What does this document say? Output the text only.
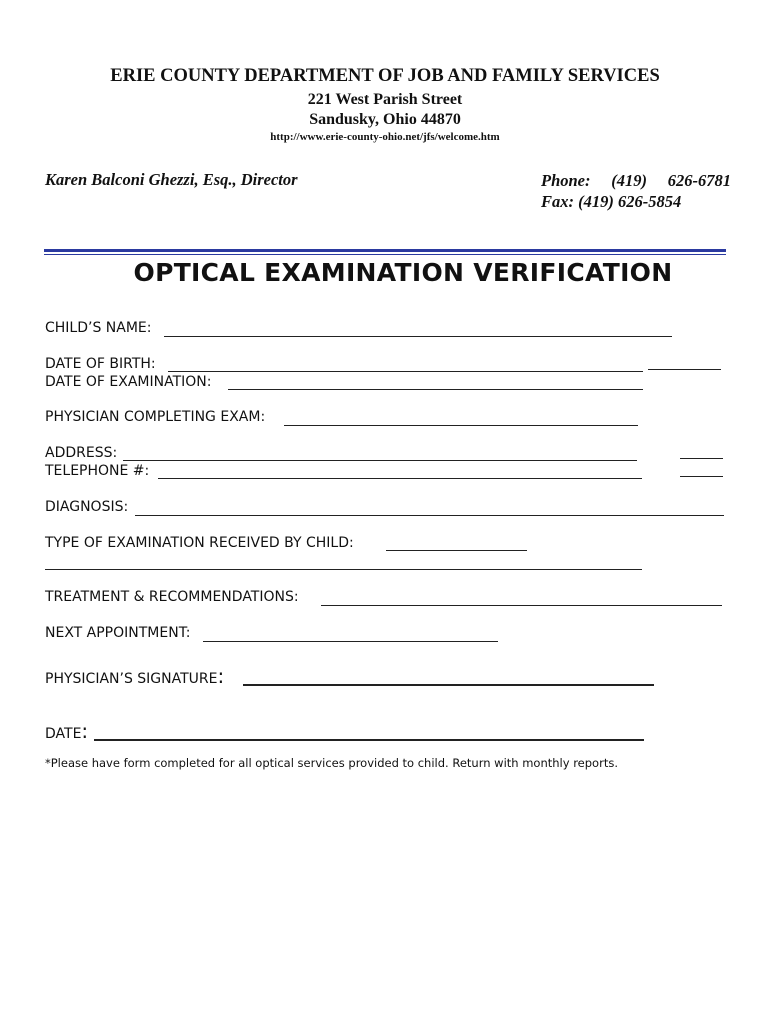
ERIE COUNTY DEPARTMENT OF JOB AND FAMILY SERVICES
221 West Parish Street
Sandusky, Ohio 44870
http://www.erie-county-ohio.net/jfs/welcome.htm
Karen Balconi Ghezzi, Esq., Director	Phone: (419) 626-6781 Fax: (419) 626-5854
OPTICAL EXAMINATION VERIFICATION
CHILD’S NAME:
DATE OF BIRTH:
DATE OF EXAMINATION:
PHYSICIAN COMPLETING EXAM:
ADDRESS:
TELEPHONE #:
DIAGNOSIS:
TYPE OF EXAMINATION RECEIVED BY CHILD:
TREATMENT & RECOMMENDATIONS:
NEXT APPOINTMENT:
PHYSICIAN’S SIGNATURE:
DATE:
*Please have form completed for all optical services provided to child. Return with monthly reports.
